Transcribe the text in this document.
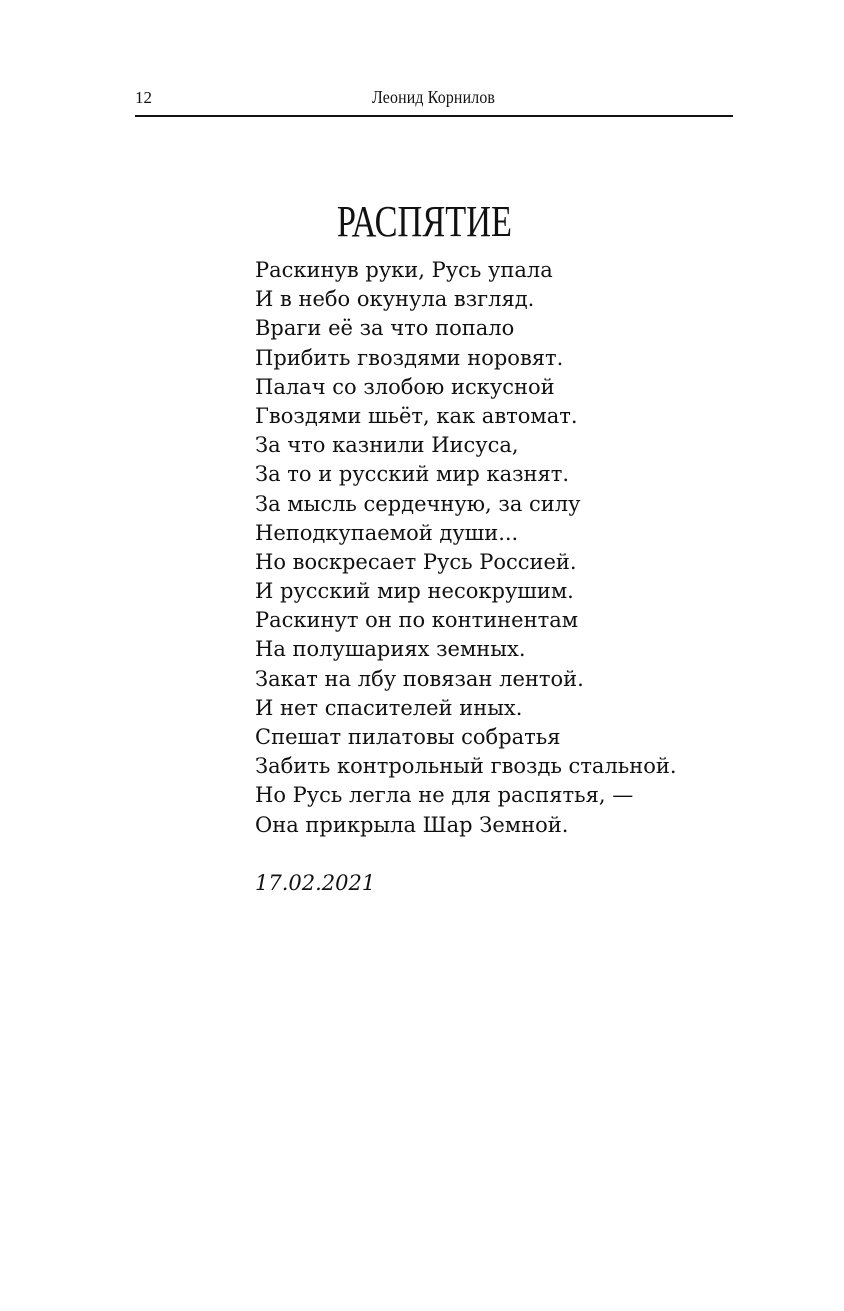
12	Леонид Корнилов
РАСПЯТИЕ
Раскинув руки, Русь упала
И в небо окунула взгляд.
Враги её за что попало
Прибить гвоздями норовят.
Палач со злобою искусной
Гвоздями шьёт, как автомат.
За что казнили Иисуса,
За то и русский мир казнят.
За мысль сердечную, за силу
Неподкупаемой души...
Но воскресает Русь Россией.
И русский мир несокрушим.
Раскинут он по континентам
На полушариях земных.
Закат на лбу повязан лентой.
И нет спасителей иных.
Спешат пилатовы собратья
Забить контрольный гвоздь стальной.
Но Русь легла не для распятья, —
Она прикрыла Шар Земной.
17.02.2021
